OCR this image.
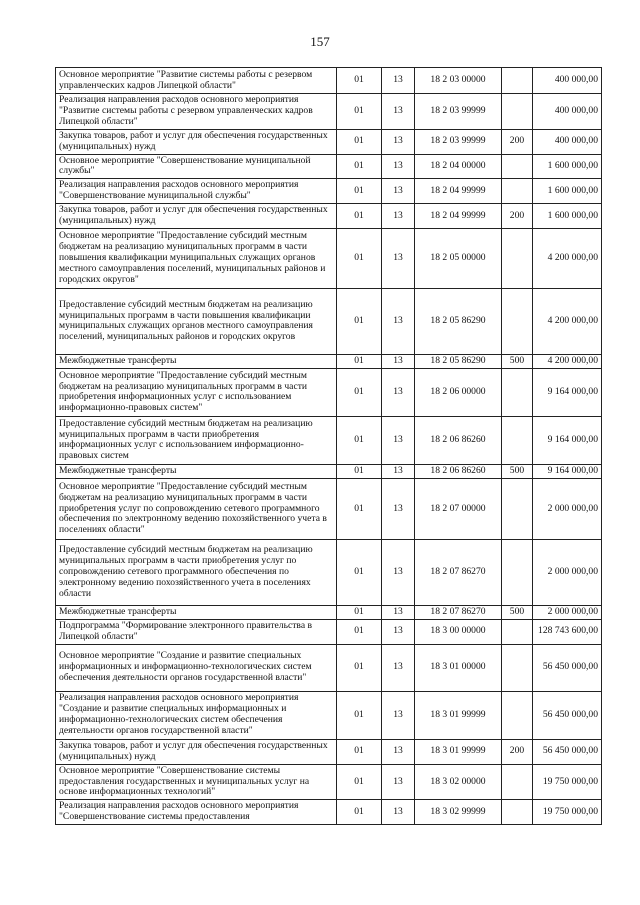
157
Основное мероприятие "Развитие системы работы с резервом управленческих кадров Липецкой области"	01	13	18 2 03 00000		400 000,00
Реализация направления расходов основного мероприятия "Развитие системы работы с резервом управленческих кадров Липецкой области"	01	13	18 2 03 99999		400 000,00
Закупка товаров, работ и услуг для обеспечения государственных (муниципальных) нужд	01	13	18 2 03 99999	200	400 000,00
Основное мероприятие "Совершенствование муниципальной службы"	01	13	18 2 04 00000		1 600 000,00
Реализация направления расходов основного мероприятия "Совершенствование муниципальной службы"	01	13	18 2 04 99999		1 600 000,00
Закупка товаров, работ и услуг для обеспечения государственных (муниципальных) нужд	01	13	18 2 04 99999	200	1 600 000,00
Основное мероприятие "Предоставление субсидий местным бюджетам на реализацию муниципальных программ в части повышения квалификации муниципальных служащих органов местного самоуправления поселений, муниципальных районов и городских округов"	01	13	18 2 05 00000		4 200 000,00
Предоставление субсидий местным бюджетам на реализацию муниципальных программ в части повышения квалификации муниципальных служащих органов местного самоуправления поселений, муниципальных районов и городских округов	01	13	18 2 05 86290		4 200 000,00
Межбюджетные трансферты	01	13	18 2 05 86290	500	4 200 000,00
Основное мероприятие "Предоставление субсидий местным бюджетам на реализацию муниципальных программ в части приобретения информационных услуг с использованием информационно-правовых систем"	01	13	18 2 06 00000		9 164 000,00
Предоставление субсидий местным бюджетам на реализацию муниципальных программ в части приобретения информационных услуг с использованием информационно-правовых систем	01	13	18 2 06 86260		9 164 000,00
Межбюджетные трансферты	01	13	18 2 06 86260	500	9 164 000,00
Основное мероприятие "Предоставление субсидий местным бюджетам на реализацию муниципальных программ в части приобретения услуг по сопровождению сетевого программного обеспечения по электронному ведению похозяйственного учета в поселениях области"	01	13	18 2 07 00000		2 000 000,00
Предоставление субсидий местным бюджетам на реализацию муниципальных программ в части приобретения услуг по сопровождению сетевого программного обеспечения по электронному ведению похозяйственного учета в поселениях области	01	13	18 2 07 86270		2 000 000,00
Межбюджетные трансферты	01	13	18 2 07 86270	500	2 000 000,00
Подпрограмма "Формирование электронного правительства в Липецкой области"	01	13	18 3 00 00000		128 743 600,00
Основное мероприятие "Создание и развитие специальных информационных и информационно-технологических систем обеспечения деятельности органов государственной власти"	01	13	18 3 01 00000		56 450 000,00
Реализация направления расходов основного мероприятия "Создание и развитие специальных информационных и информационно-технологических систем обеспечения деятельности органов государственной власти"	01	13	18 3 01 99999		56 450 000,00
Закупка товаров, работ и услуг для обеспечения государственных (муниципальных) нужд	01	13	18 3 01 99999	200	56 450 000,00
Основное мероприятие "Совершенствование системы предоставления государственных и муниципальных услуг на основе информационных технологий"	01	13	18 3 02 00000		19 750 000,00
Реализация направления расходов основного мероприятия "Совершенствование системы предоставления	01	13	18 3 02 99999		19 750 000,00
